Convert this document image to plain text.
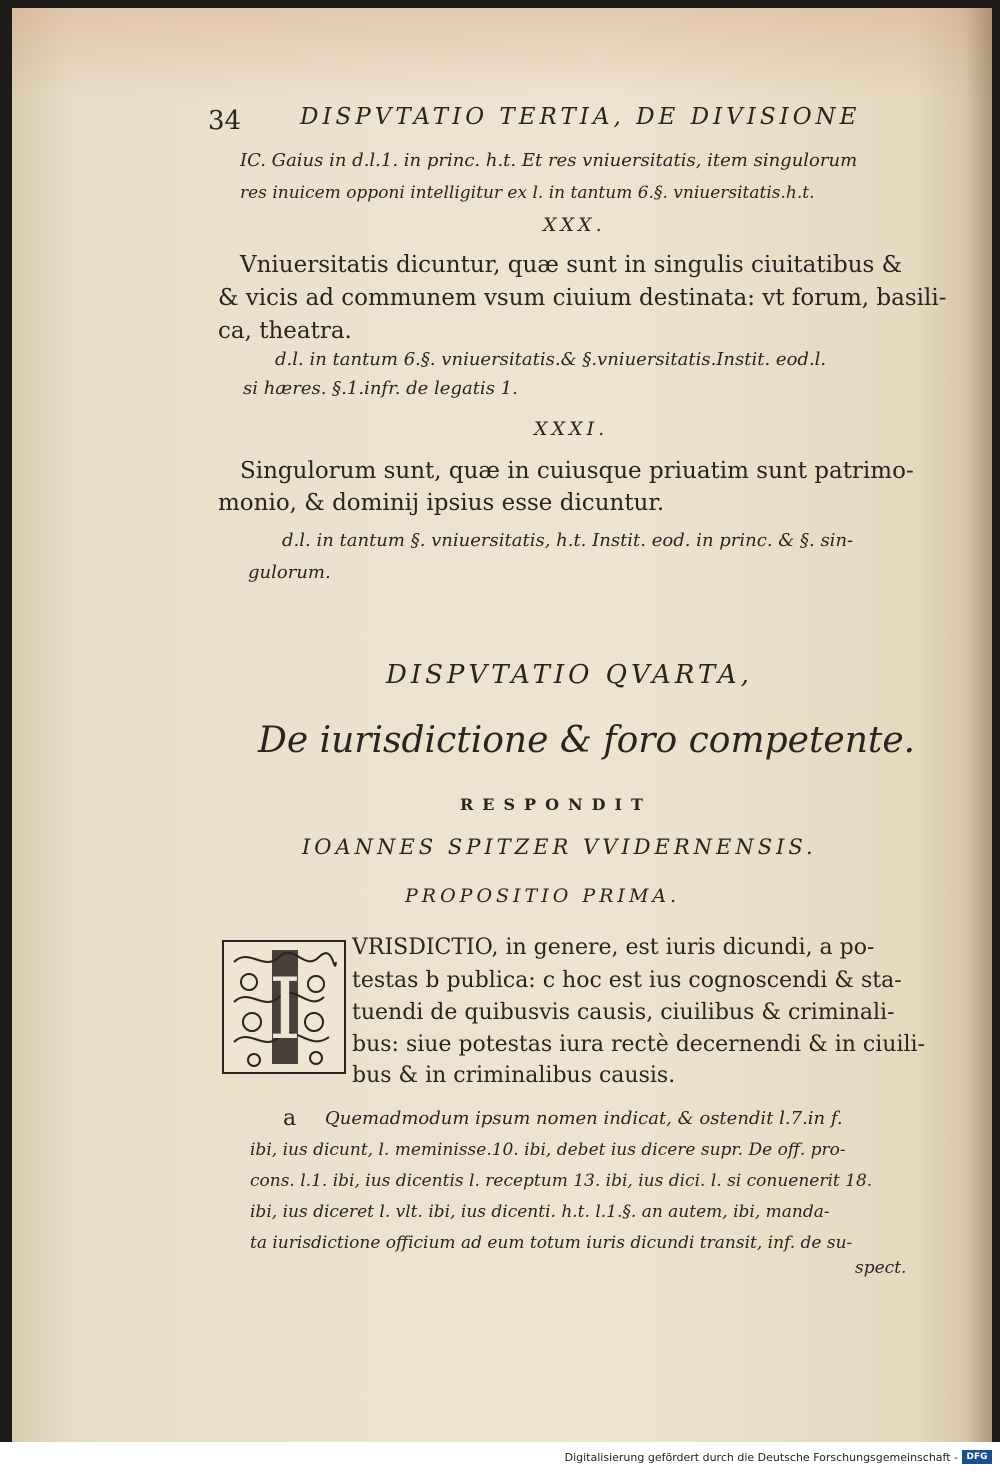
34	DISPVTATIO TERTIA, DE DIVISIONE
IC. Gaius in d.l.1. in princ. h.t. Et res vniuersitatis, item singulorum
res inuicem opponi intelligitur ex l. in tantum 6.§. vniuersitatis.h.t.
XXX.
Vniuersitatis dicuntur, quæ sunt in singulis ciuitatibus &
& vicis ad communem vsum ciuium destinata: vt forum, basili-
ca, theatra.
d.l. in tantum 6.§. vniuersitatis.& §.vniuersitatis.Instit. eod.l.
si hæres. §.1.infr. de legatis 1.
XXXI.
Singulorum sunt, quæ in cuiusque priuatim sunt patrimo-
monio, & dominij ipsius esse dicuntur.
d.l. in tantum §. vniuersitatis, h.t. Instit. eod. in princ. & §. sin-
gulorum.
DISPVTATIO QVARTA,
De iurisdictione & foro competente.
RESPONDIT
IOANNES SPITZER VVIDERNENSIS.
PROPOSITIO PRIMA.
I
VRISDICTIO, in genere, est iuris dicundi, a po-
testas b publica: c hoc est ius cognoscendi & sta-
tuendi de quibusvis causis, ciuilibus & criminali-
bus: siue potestas iura rectè decernendi & in ciuili-
bus & in criminalibus causis.
a Quemadmodum ipsum nomen indicat, & ostendit l.7.in f.
ibi, ius dicunt, l. meminisse.10. ibi, debet ius dicere supr. De off. pro-
cons. l.1. ibi, ius dicentis l. receptum 13. ibi, ius dici. l. si conuenerit 18.
ibi, ius diceret l. vlt. ibi, ius dicenti. h.t. l.1.§. an autem, ibi, manda-
ta iurisdictione officium ad eum totum iuris dicundi transit, inf. de su-
spect.
Digitalisierung gefördert durch die Deutsche Forschungsgemeinschaft - DFG
